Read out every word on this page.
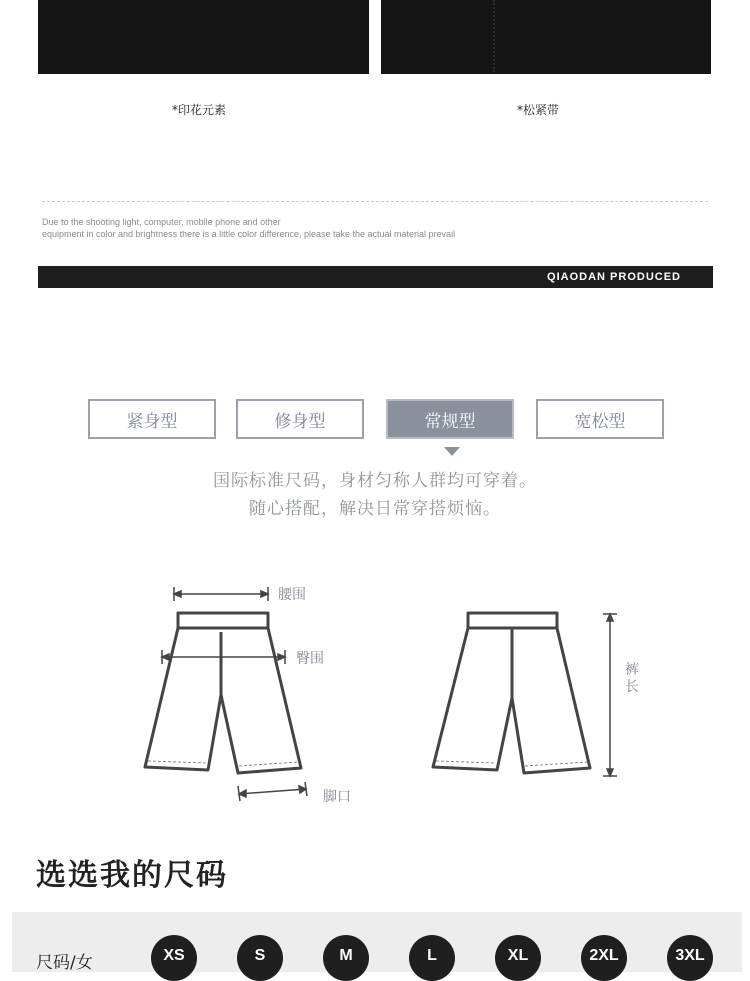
*印花元素	*松紧带
Due to the shooting light, computer, mobile phone and other
equipment in color and brightness there is a little color difference, please take the actual material prevail
QIAODAN PRODUCED
紧身型	修身型	常规型	宽松型
国际标准尺码，身材匀称人群均可穿着。
随心搭配，解决日常穿搭烦恼。
腰围
臀围
脚口
裤长
选选我的尺码
尺码/女	XS	S	M	L	XL	2XL	3XL
